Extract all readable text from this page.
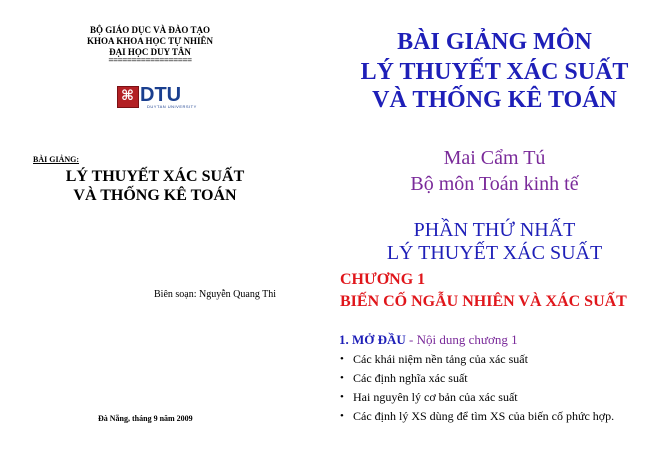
BỘ GIÁO DỤC VÀ ĐÀO TẠO
KHOA KHOA HỌC TỰ NHIÊN
ĐẠI HỌC DUY TÂN
==================
⌘ DTU
DUYTAN UNIVERSITY
BÀI GIẢNG:
LÝ THUYẾT XÁC SUẤT
VÀ THỐNG KÊ TOÁN
Biên soạn: Nguyễn Quang Thi
Đà Nẵng, tháng 9 năm 2009
BÀI GIẢNG MÔN
LÝ THUYẾT XÁC SUẤT
VÀ THỐNG KÊ TOÁN
Mai Cẩm Tú
Bộ môn Toán kinh tế
PHẦN THỨ NHẤT
LÝ THUYẾT XÁC SUẤT
CHƯƠNG 1
BIẾN CỐ NGẪU NHIÊN VÀ XÁC SUẤT
1. MỞ ĐẦU - Nội dung chương 1
• Các khái niệm nền tảng của xác suất
• Các định nghĩa xác suất
• Hai nguyên lý cơ bản của xác suất
• Các định lý XS dùng để tìm XS của biến cố phức hợp.
